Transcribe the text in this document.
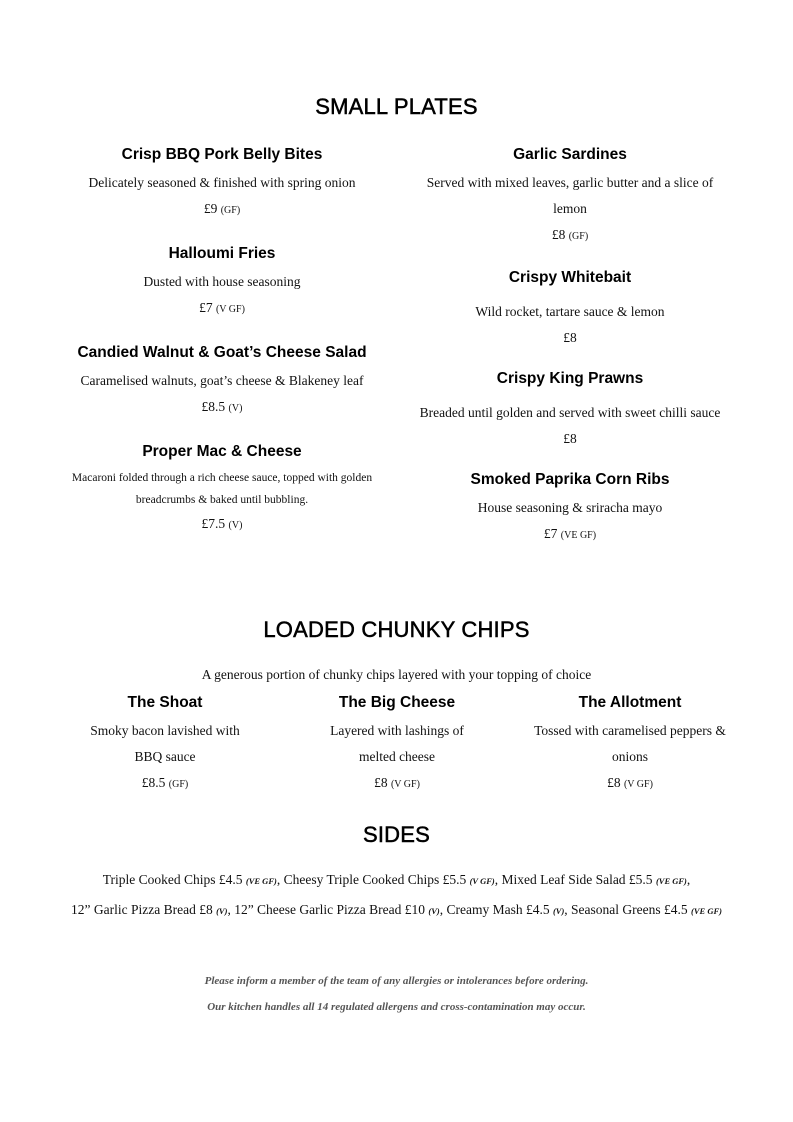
SMALL PLATES
Crisp BBQ Pork Belly Bites
Delicately seasoned & finished with spring onion
£9 (GF)
Halloumi Fries
Dusted with house seasoning
£7 (V GF)
Candied Walnut & Goat’s Cheese Salad
Caramelised walnuts, goat’s cheese & Blakeney leaf
£8.5 (V)
Proper Mac & Cheese
Macaroni folded through a rich cheese sauce, topped with golden
breadcrumbs & baked until bubbling.
£7.5 (V)
Garlic Sardines
Served with mixed leaves, garlic butter and a slice of
lemon
£8 (GF)
Crispy Whitebait
Wild rocket, tartare sauce & lemon
£8
Crispy King Prawns
Breaded until golden and served with sweet chilli sauce
£8
Smoked Paprika Corn Ribs
House seasoning & sriracha mayo
£7 (VE GF)
LOADED CHUNKY CHIPS
A generous portion of chunky chips layered with your topping of choice
The Shoat
Smoky bacon lavished with
BBQ sauce
£8.5 (GF)
The Big Cheese
Layered with lashings of
melted cheese
£8 (V GF)
The Allotment
Tossed with caramelised peppers &
onions
£8 (V GF)
SIDES
Triple Cooked Chips £4.5 (VE GF), Cheesy Triple Cooked Chips £5.5 (V GF), Mixed Leaf Side Salad £5.5 (VE GF),
12” Garlic Pizza Bread £8 (V), 12” Cheese Garlic Pizza Bread £10 (V), Creamy Mash £4.5 (V), Seasonal Greens £4.5 (VE GF)
Please inform a member of the team of any allergies or intolerances before ordering.
Our kitchen handles all 14 regulated allergens and cross-contamination may occur.
